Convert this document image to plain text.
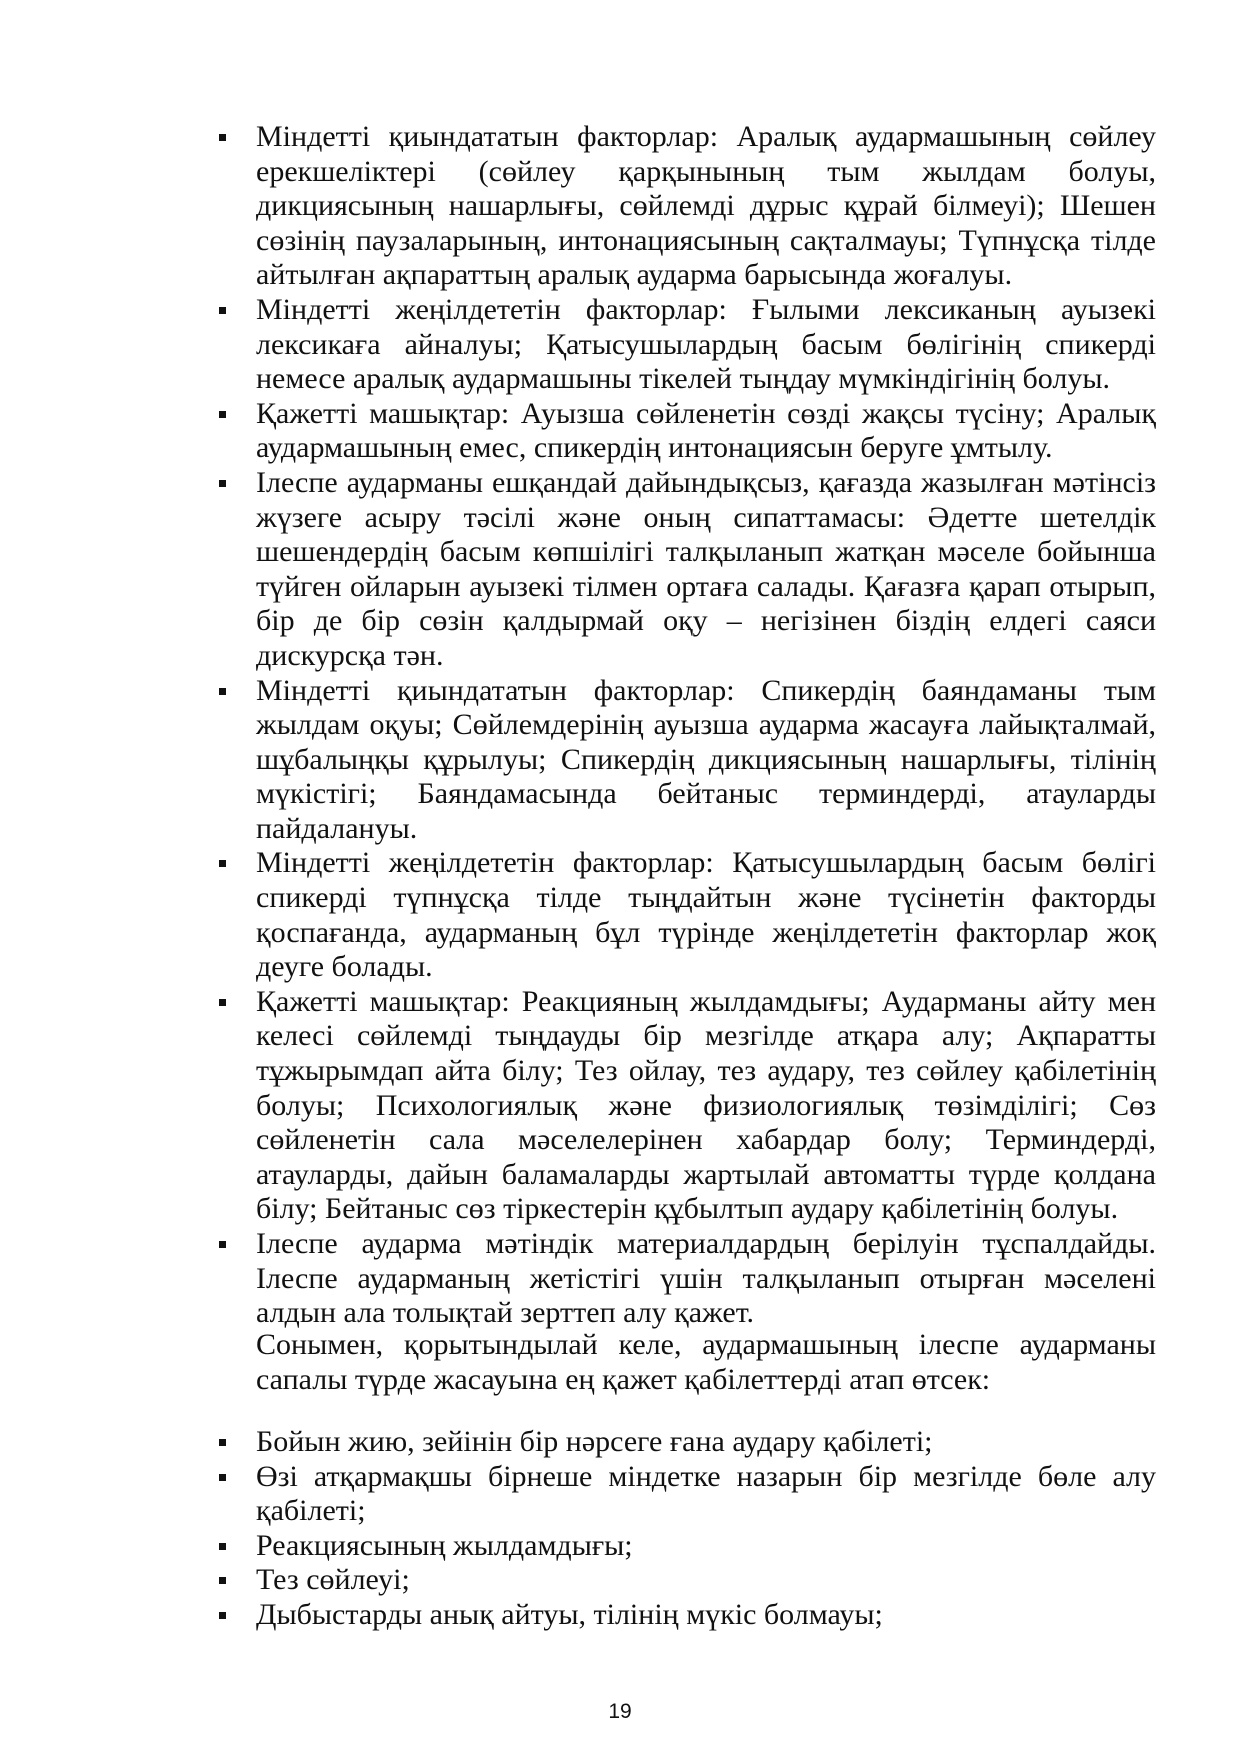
Міндетті қиындататын факторлар: Аралық аудармашының сөйлеу ерекшеліктері (сөйлеу қарқынының тым жылдам болуы, дикциясының нашарлығы, сөйлемді дұрыс құрай білмеуі); Шешен сөзінің паузаларының, интонациясының сақталмауы; Түпнұсқа тілде айтылған ақпараттың аралық аударма барысында жоғалуы.
Міндетті жеңілдететін факторлар: Ғылыми лексиканың ауызекі лексикаға айналуы; Қатысушылардың басым бөлігінің спикерді немесе аралық аудармашыны тікелей тыңдау мүмкіндігінің болуы.
Қажетті машықтар: Ауызша сөйленетін сөзді жақсы түсіну; Аралық аудармашының емес, спикердің интонациясын беруге ұмтылу.
Ілеспе аударманы ешқандай дайындықсыз, қағазда жазылған мәтінсіз жүзеге асыру тәсілі және оның сипаттамасы: Әдетте шетелдік шешендердің басым көпшілігі талқыланып жатқан мәселе бойынша түйген ойларын ауызекі тілмен ортаға салады. Қағазға қарап отырып, бір де бір сөзін қалдырмай оқу – негізінен біздің елдегі саяси дискурсқа тән.
Міндетті қиындататын факторлар: Спикердің баяндаманы тым жылдам оқуы; Сөйлемдерінің ауызша аударма жасауға лайықталмай, шұбалыңқы құрылуы; Спикердің дикциясының нашарлығы, тілінің мүкістігі; Баяндамасында бейтаныс терминдерді, атауларды пайдалануы.
Міндетті жеңілдететін факторлар: Қатысушылардың басым бөлігі спикерді түпнұсқа тілде тыңдайтын және түсінетін факторды қоспағанда, аударманың бұл түрінде жеңілдететін факторлар жоқ деуге болады.
Қажетті машықтар: Реакцияның жылдамдығы; Аударманы айту мен келесі сөйлемді тыңдауды бір мезгілде атқара алу; Ақпаратты тұжырымдап айта білу; Тез ойлау, тез аудару, тез сөйлеу қабілетінің болуы; Психологиялық және физиологиялық төзімділігі; Сөз сөйленетін сала мәселелерінен хабардар болу; Терминдерді, атауларды, дайын баламаларды жартылай автоматты түрде қолдана білу; Бейтаныс сөз тіркестерін құбылтып аудару қабілетінің болуы.
Ілеспе аударма мәтіндік материалдардың берілуін тұспалдайды. Ілеспе аударманың жетістігі үшін талқыланып отырған мәселені алдын ала толықтай зерттеп алу қажет.

Сонымен, қорытындылай келе, аудармашының ілеспе аударманы сапалы түрде жасауына ең қажет қабілеттерді атап өтсек:

Бойын жию, зейінін бір нәрсеге ғана аудару қабілеті;
Өзі атқармақшы бірнеше міндетке назарын бір мезгілде бөле алу қабілеті;
Реакциясының жылдамдығы;
Тез сөйлеуі;
Дыбыстарды анық айтуы, тілінің мүкіс болмауы;
19
